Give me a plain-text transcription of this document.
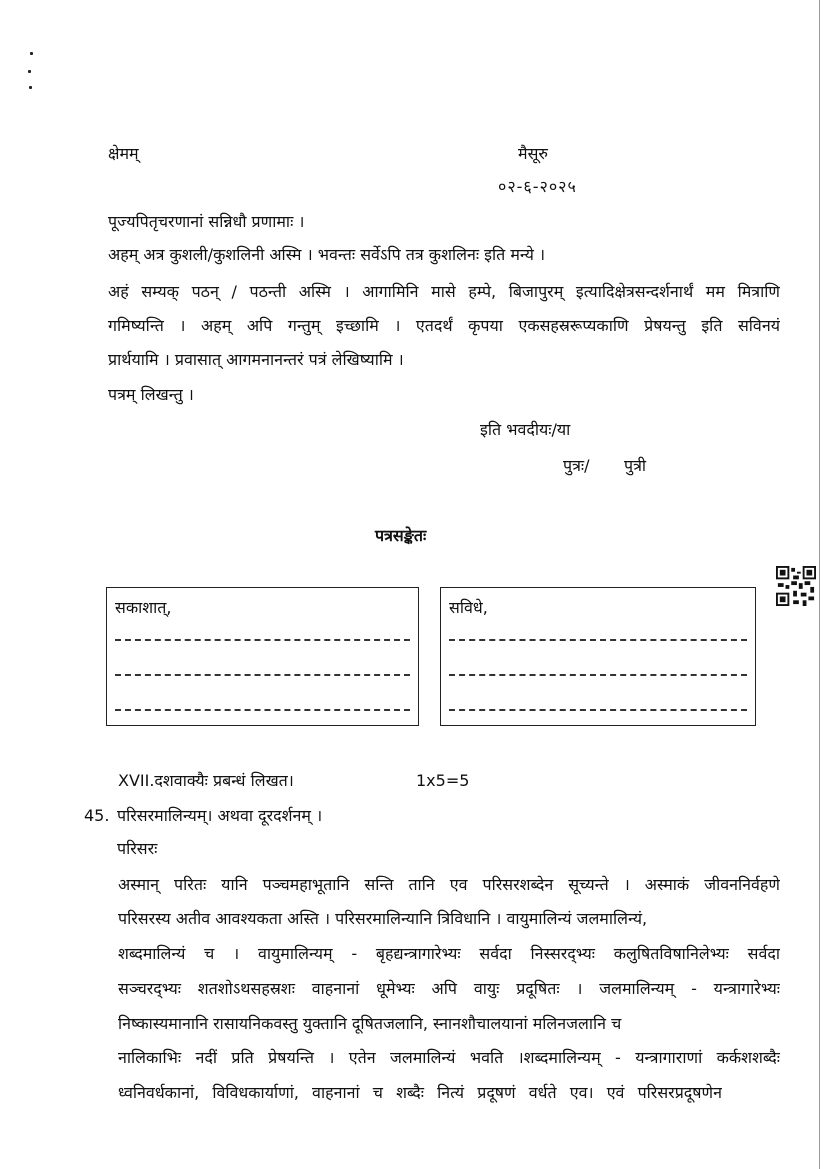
क्षेमम्	मैसूरु
०२-६-२०२५
पूज्यपितृचरणानां सन्निधौ प्रणामाः ।
अहम् अत्र कुशली/कुशलिनी अस्मि । भवन्तः सर्वेऽपि तत्र कुशलिनः इति मन्ये ।
अहं सम्यक् पठन् / पठन्ती अस्मि । आगामिनि मासे हम्पे, बिजापुरम् इत्यादिक्षेत्रसन्दर्शनार्थं मम मित्राणि
गमिष्यन्ति । अहम् अपि गन्तुम् इच्छामि । एतदर्थं कृपया एकसहस्ररूप्यकाणि प्रेषयन्तु इति सविनयं
प्रार्थयामि । प्रवासात् आगमनानन्तरं पत्रं लेखिष्यामि ।
पत्रम् लिखन्तु ।
इति भवदीयः/या
पुत्रः/ पुत्री
पत्रसङ्केतः
सकाशात्,	सविधे,
XVII.दशवाक्यैः प्रबन्धं लिखत।	1x5=5
45. परिसरमालिन्यम्। अथवा दूरदर्शनम् ।
परिसरः
अस्मान् परितः यानि पञ्चमहाभूतानि सन्ति तानि एव परिसरशब्देन सूच्यन्ते । अस्माकं जीवननिर्वहणे
परिसरस्य अतीव आवश्यकता अस्ति । परिसरमालिन्यानि त्रिविधानि । वायुमालिन्यं जलमालिन्यं,
शब्दमालिन्यं च । वायुमालिन्यम् - बृहद्यन्त्रागारेभ्यः सर्वदा निस्सरद्भ्यः कलुषितविषानिलेभ्यः सर्वदा
सञ्चरद्भ्यः शतशोऽथसहस्रशः वाहनानां धूमेभ्यः अपि वायुः प्रदूषितः । जलमालिन्यम् - यन्त्रागारेभ्यः
निष्कास्यमानानि रासायनिकवस्तु युक्तानि दूषितजलानि, स्नानशौचालयानां मलिनजलानि च
नालिकाभिः नदीं प्रति प्रेषयन्ति । एतेन जलमालिन्यं भवति ।शब्दमालिन्यम् - यन्त्रागाराणां कर्कशशब्दैः
ध्वनिवर्धकानां, विविधकार्याणां, वाहनानां च शब्दैः नित्यं प्रदूषणं वर्धते एव। एवं परिसरप्रदूषणेन
